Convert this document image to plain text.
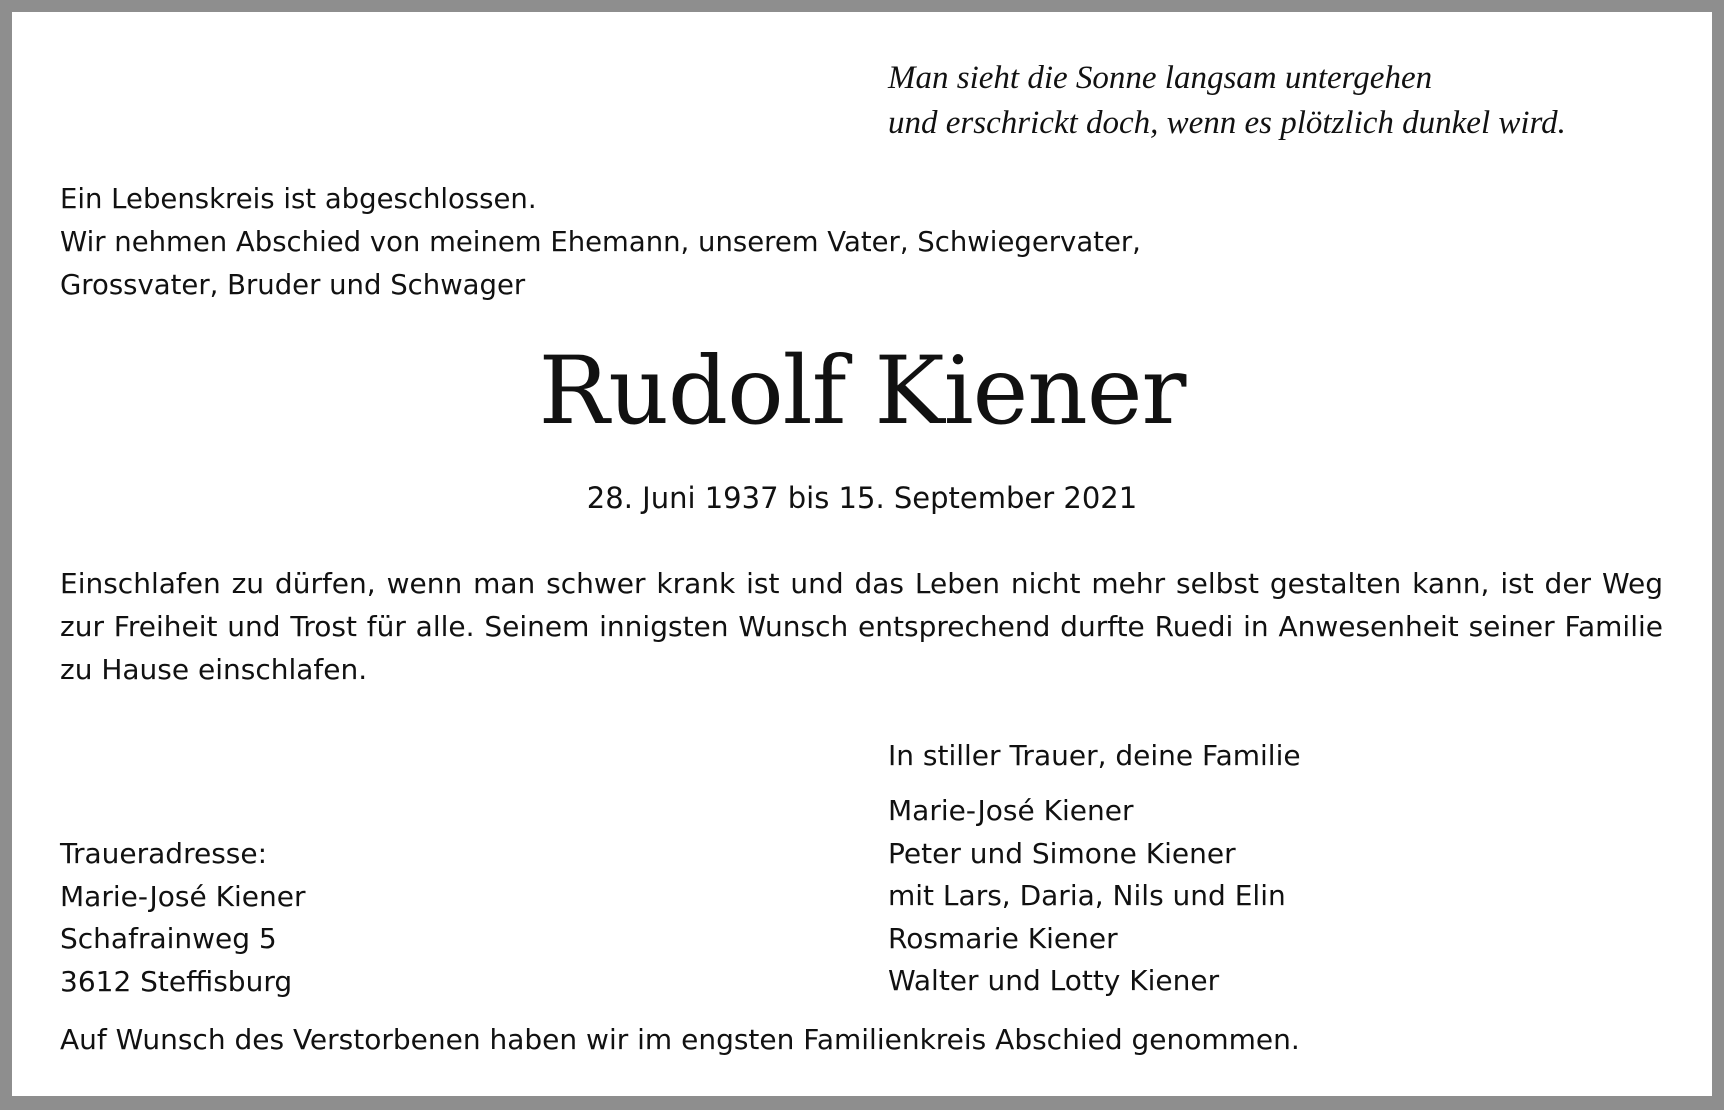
Man sieht die Sonne langsam untergehen
und erschrickt doch, wenn es plötzlich dunkel wird.

Ein Lebenskreis ist abgeschlossen.
Wir nehmen Abschied von meinem Ehemann, unserem Vater, Schwiegervater,
Grossvater, Bruder und Schwager

Rudolf Kiener

28. Juni 1937 bis 15. September 2021

Einschlafen zu dürfen, wenn man schwer krank ist und das Leben nicht mehr selbst gestalten kann, ist der Weg zur Freiheit und Trost für alle. Seinem innigsten Wunsch entsprechend durfte Ruedi in Anwesenheit seiner Familie zu Hause einschlafen.

In stiller Trauer, deine Familie

Marie-José Kiener
Peter und Simone Kiener
mit Lars, Daria, Nils und Elin
Rosmarie Kiener
Walter und Lotty Kiener

Traueradresse:
Marie-José Kiener
Schafrainweg 5
3612 Steffisburg

Auf Wunsch des Verstorbenen haben wir im engsten Familienkreis Abschied genommen.
